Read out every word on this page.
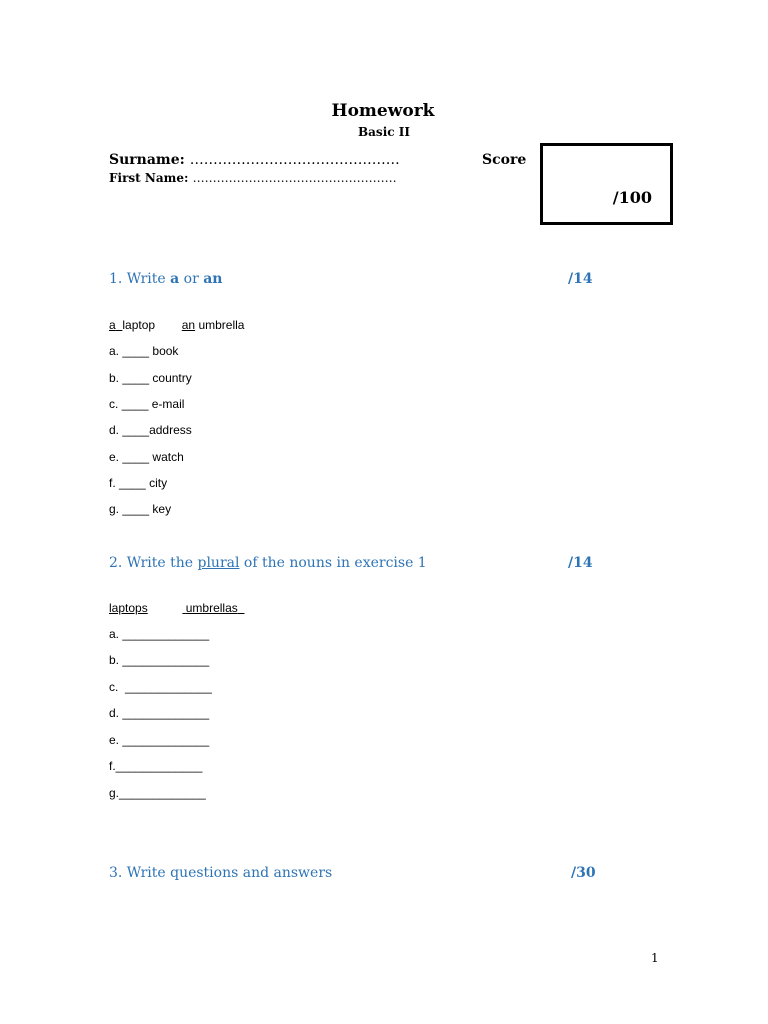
Homework
Basic II
Surname: ………………………………………
First Name: ……………………………………………
Score
/100
1. Write a or an	/14
a laptop an umbrella
a. ____ book
b. ____ country
c. ____ e-mail
d. ____address
e. ____ watch
f. ____ city
g. ____ key
2. Write the plural of the nouns in exercise 1	/14
laptops	umbrellas
a. _____________
b. _____________
c. _____________
d. _____________
e. _____________
f._____________
g._____________
3. Write questions and answers	/30
1
